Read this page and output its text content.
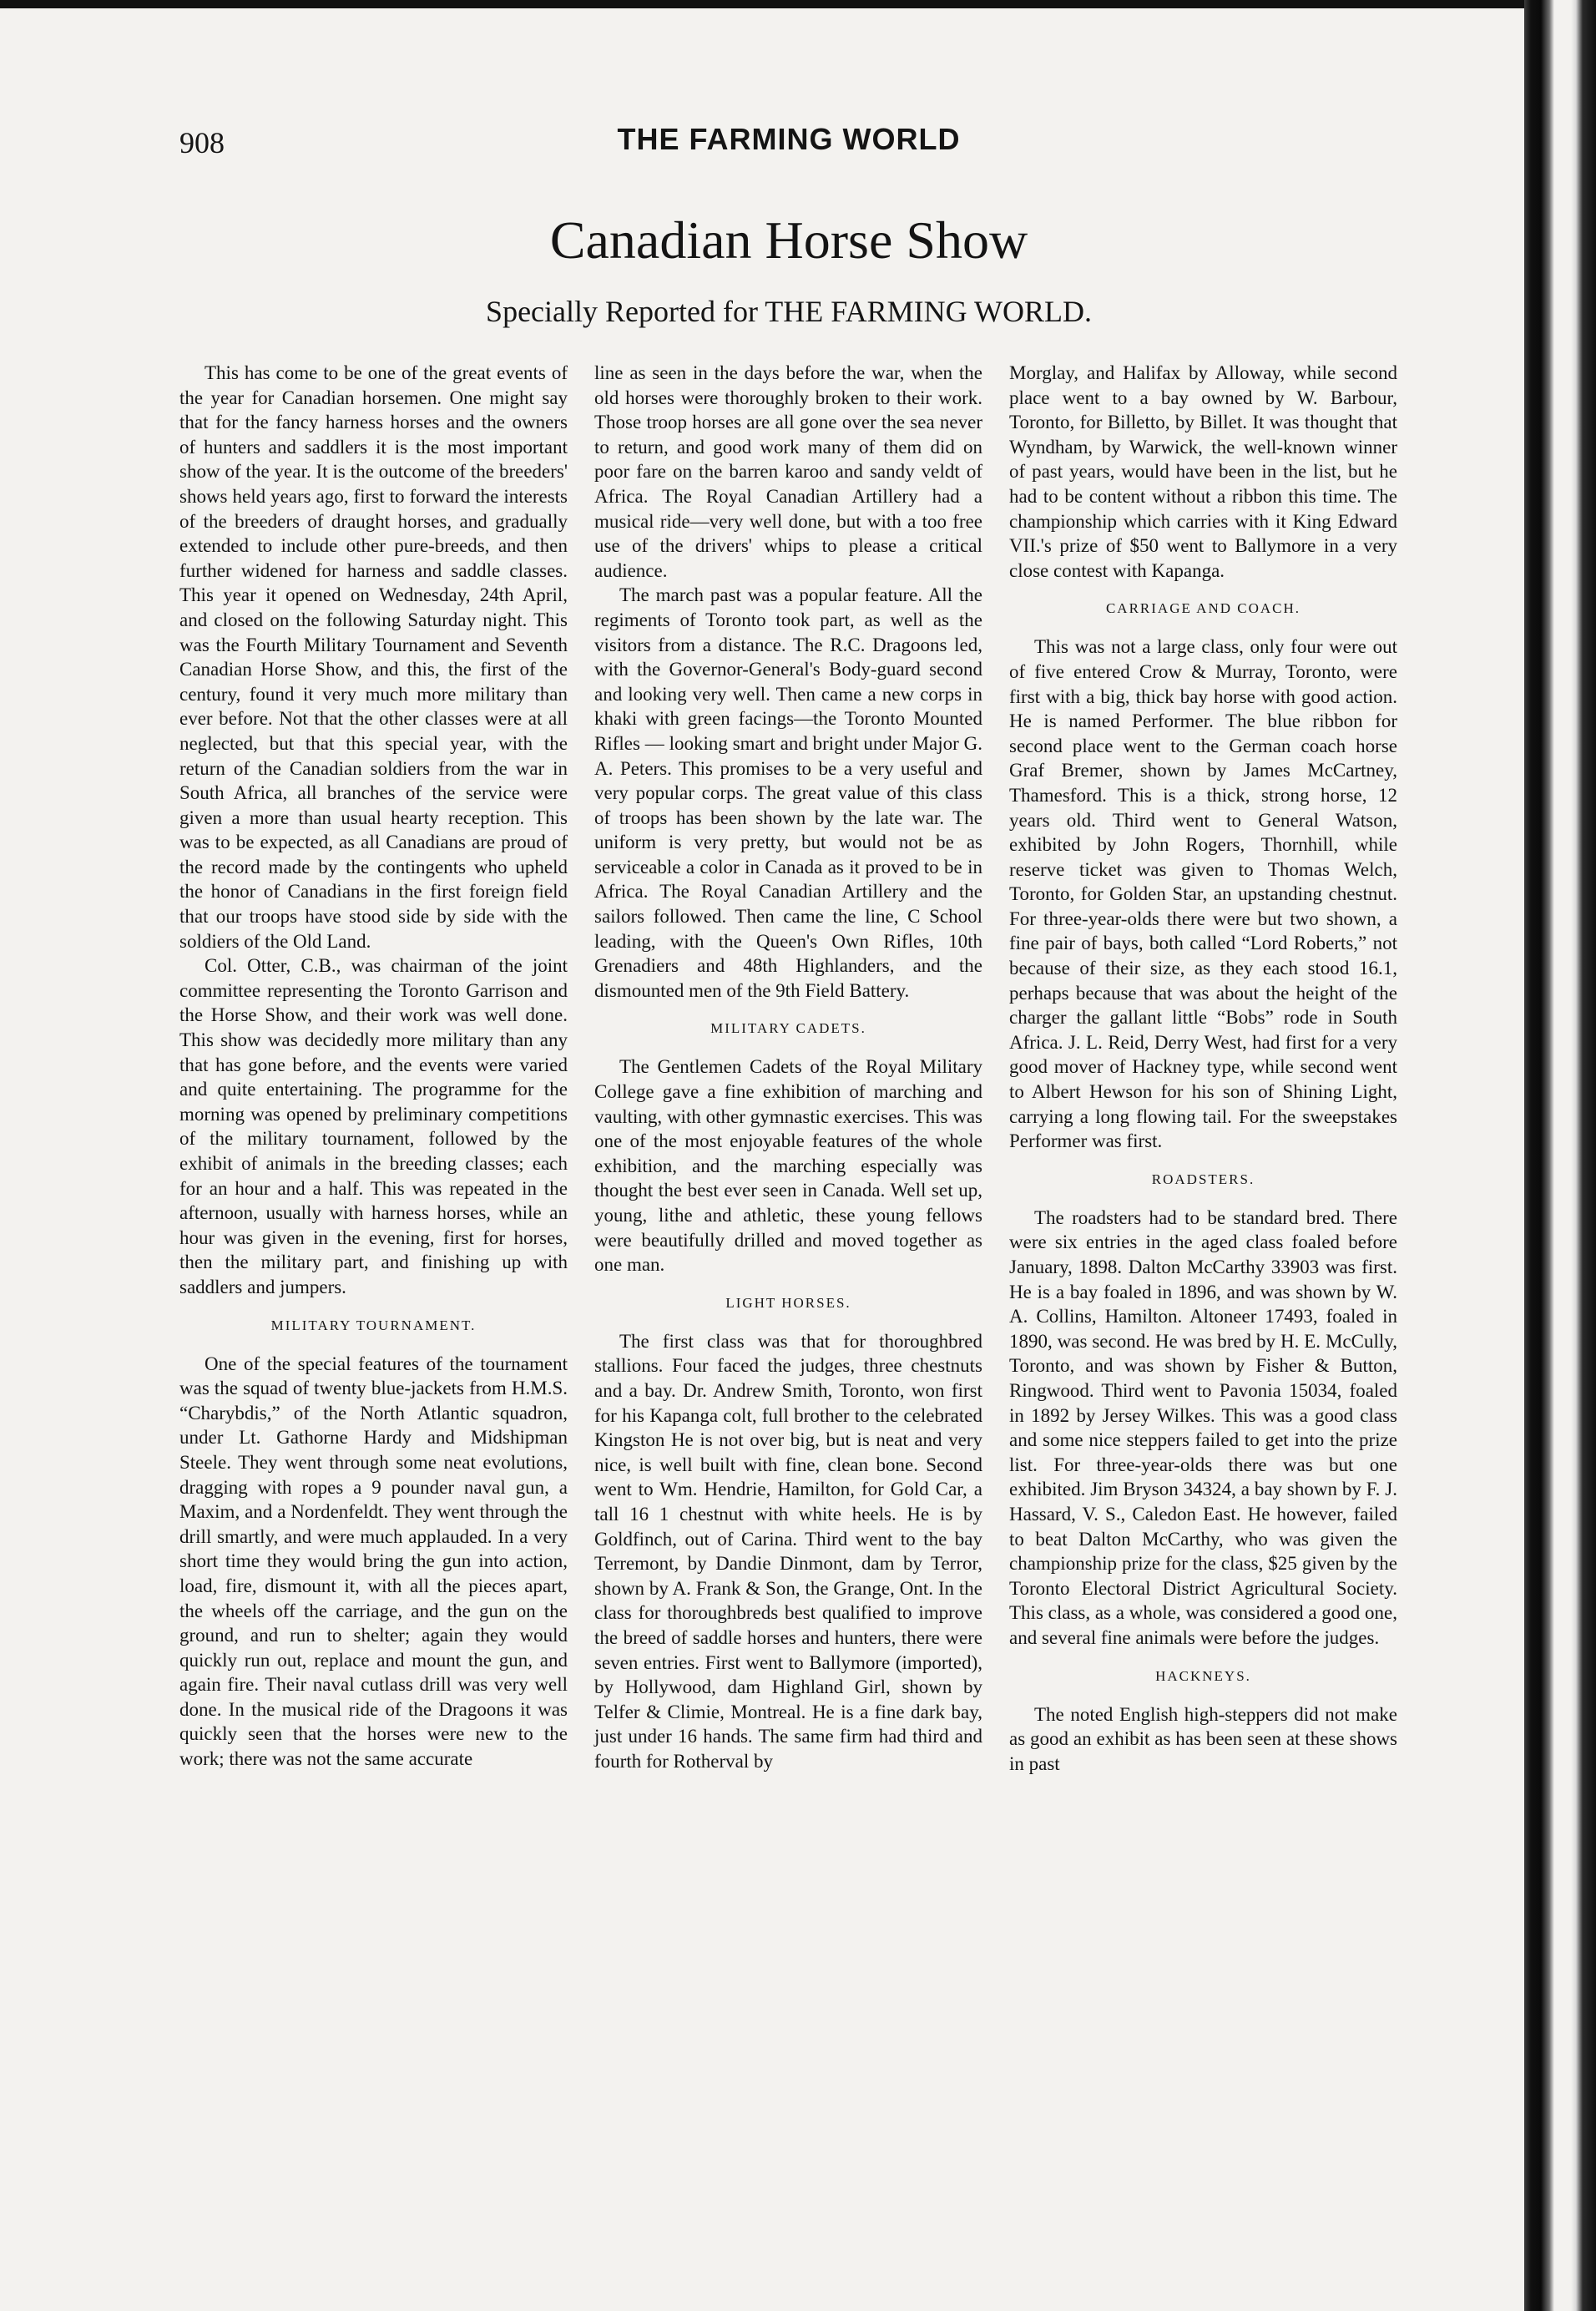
908	THE FARMING WORLD
Canadian Horse Show
Specially Reported for THE FARMING WORLD.

This has come to be one of the great events of the year for Canadian horsemen. One might say that for the fancy harness horses and the owners of hunters and saddlers it is the most important show of the year. It is the outcome of the breeders' shows held years ago, first to forward the interests of the breeders of draught horses, and gradually extended to include other pure-breeds, and then further widened for harness and saddle classes. This year it opened on Wednesday, 24th April, and closed on the following Saturday night. This was the Fourth Military Tournament and Seventh Canadian Horse Show, and this, the first of the century, found it very much more military than ever before. Not that the other classes were at all neglected, but that this special year, with the return of the Canadian soldiers from the war in South Africa, all branches of the service were given a more than usual hearty reception. This was to be expected, as all Canadians are proud of the record made by the contingents who upheld the honor of Canadians in the first foreign field that our troops have stood side by side with the soldiers of the Old Land.

Col. Otter, C.B., was chairman of the joint committee representing the Toronto Garrison and the Horse Show, and their work was well done. This show was decidedly more military than any that has gone before, and the events were varied and quite entertaining. The programme for the morning was opened by preliminary competitions of the military tournament, followed by the exhibit of animals in the breeding classes; each for an hour and a half. This was repeated in the afternoon, usually with harness horses, while an hour was given in the evening, first for horses, then the military part, and finishing up with saddlers and jumpers.

MILITARY TOURNAMENT.

One of the special features of the tournament was the squad of twenty blue-jackets from H.M.S. “Charybdis,” of the North Atlantic squadron, under Lt. Gathorne Hardy and Midshipman Steele. They went through some neat evolutions, dragging with ropes a 9 pounder naval gun, a Maxim, and a Nordenfeldt. They went through the drill smartly, and were much applauded. In a very short time they would bring the gun into action, load, fire, dismount it, with all the pieces apart, the wheels off the carriage, and the gun on the ground, and run to shelter; again they would quickly run out, replace and mount the gun, and again fire. Their naval cutlass drill was very well done. In the musical ride of the Dragoons it was quickly seen that the horses were new to the work; there was not the same accurate

line as seen in the days before the war, when the old horses were thoroughly broken to their work. Those troop horses are all gone over the sea never to return, and good work many of them did on poor fare on the barren karoo and sandy veldt of Africa. The Royal Canadian Artillery had a musical ride—very well done, but with a too free use of the drivers' whips to please a critical audience.

The march past was a popular feature. All the regiments of Toronto took part, as well as the visitors from a distance. The R.C. Dragoons led, with the Governor-General's Body-guard second and looking very well. Then came a new corps in khaki with green facings—the Toronto Mounted Rifles — looking smart and bright under Major G. A. Peters. This promises to be a very useful and very popular corps. The great value of this class of troops has been shown by the late war. The uniform is very pretty, but would not be as serviceable a color in Canada as it proved to be in Africa. The Royal Canadian Artillery and the sailors followed. Then came the line, C School leading, with the Queen's Own Rifles, 10th Grenadiers and 48th Highlanders, and the dismounted men of the 9th Field Battery.

MILITARY CADETS.

The Gentlemen Cadets of the Royal Military College gave a fine exhibition of marching and vaulting, with other gymnastic exercises. This was one of the most enjoyable features of the whole exhibition, and the marching especially was thought the best ever seen in Canada. Well set up, young, lithe and athletic, these young fellows were beautifully drilled and moved together as one man.

LIGHT HORSES.

The first class was that for thoroughbred stallions. Four faced the judges, three chestnuts and a bay. Dr. Andrew Smith, Toronto, won first for his Kapanga colt, full brother to the celebrated Kingston He is not over big, but is neat and very nice, is well built with fine, clean bone. Second went to Wm. Hendrie, Hamilton, for Gold Car, a tall 16 1 chestnut with white heels. He is by Goldfinch, out of Carina. Third went to the bay Terremont, by Dandie Dinmont, dam by Terror, shown by A. Frank & Son, the Grange, Ont. In the class for thoroughbreds best qualified to improve the breed of saddle horses and hunters, there were seven entries. First went to Ballymore (imported), by Hollywood, dam Highland Girl, shown by Telfer & Climie, Montreal. He is a fine dark bay, just under 16 hands. The same firm had third and fourth for Rotherval by

Morglay, and Halifax by Alloway, while second place went to a bay owned by W. Barbour, Toronto, for Billetto, by Billet. It was thought that Wyndham, by Warwick, the well-known winner of past years, would have been in the list, but he had to be content without a ribbon this time. The championship which carries with it King Edward VII.'s prize of $50 went to Ballymore in a very close contest with Kapanga.

CARRIAGE AND COACH.

This was not a large class, only four were out of five entered Crow & Murray, Toronto, were first with a big, thick bay horse with good action. He is named Performer. The blue ribbon for second place went to the German coach horse Graf Bremer, shown by James McCartney, Thamesford. This is a thick, strong horse, 12 years old. Third went to General Watson, exhibited by John Rogers, Thornhill, while reserve ticket was given to Thomas Welch, Toronto, for Golden Star, an upstanding chestnut. For three-year-olds there were but two shown, a fine pair of bays, both called “Lord Roberts,” not because of their size, as they each stood 16.1, perhaps because that was about the height of the charger the gallant little “Bobs” rode in South Africa. J. L. Reid, Derry West, had first for a very good mover of Hackney type, while second went to Albert Hewson for his son of Shining Light, carrying a long flowing tail. For the sweepstakes Performer was first.

ROADSTERS.

The roadsters had to be standard bred. There were six entries in the aged class foaled before January, 1898. Dalton McCarthy 33903 was first. He is a bay foaled in 1896, and was shown by W. A. Collins, Hamilton. Altoneer 17493, foaled in 1890, was second. He was bred by H. E. McCully, Toronto, and was shown by Fisher & Button, Ringwood. Third went to Pavonia 15034, foaled in 1892 by Jersey Wilkes. This was a good class and some nice steppers failed to get into the prize list. For three-year-olds there was but one exhibited. Jim Bryson 34324, a bay shown by F. J. Hassard, V. S., Caledon East. He however, failed to beat Dalton McCarthy, who was given the championship prize for the class, $25 given by the Toronto Electoral District Agricultural Society. This class, as a whole, was considered a good one, and several fine animals were before the judges.

HACKNEYS.

The noted English high-steppers did not make as good an exhibit as has been seen at these shows in past
